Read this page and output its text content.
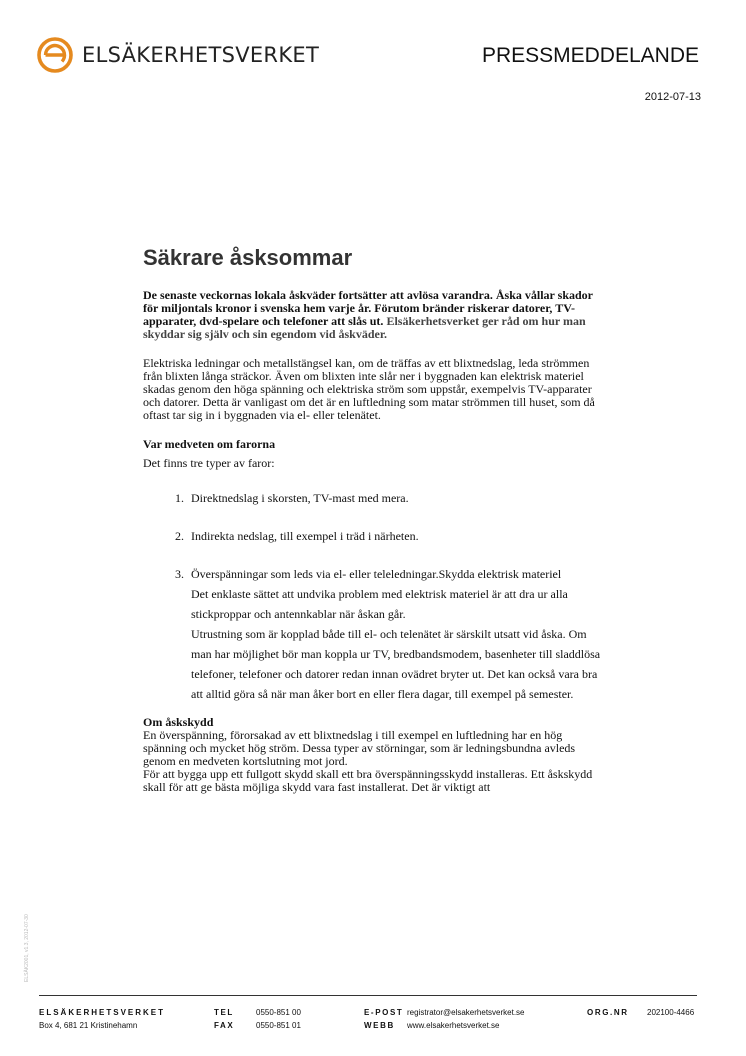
ELSÄKERHETSVERKET	PRESSMEDDELANDE
2012-07-13
Säkrare åsksommar

De senaste veckornas lokala åskväder fortsätter att avlösa varandra. Åska vållar skador för miljontals kronor i svenska hem varje år. Förutom bränder riskerar datorer, TV-apparater, dvd-spelare och telefoner att slås ut. Elsäkerhetsverket ger råd om hur man skyddar sig själv och sin egendom vid åskväder.

Elektriska ledningar och metallstängsel kan, om de träffas av ett blixtnedslag, leda strömmen från blixten långa sträckor. Även om blixten inte slår ner i byggnaden kan elektrisk materiel skadas genom den höga spänning och elektriska ström som uppstår, exempelvis TV-apparater och datorer. Detta är vanligast om det är en luftledning som matar strömmen till huset, som då oftast tar sig in i byggnaden via el- eller telenätet.

Var medveten om farorna

Det finns tre typer av faror:

1. Direktnedslag i skorsten, TV-mast med mera.
2. Indirekta nedslag, till exempel i träd i närheten.
3. Överspänningar som leds via el- eller teleledningar.Skydda elektrisk materiel
Det enklaste sättet att undvika problem med elektrisk materiel är att dra ur alla stickproppar och antennkablar när åskan går.
Utrustning som är kopplad både till el- och telenätet är särskilt utsatt vid åska. Om man har möjlighet bör man koppla ur TV, bredbandsmodem, basenheter till sladdlösa telefoner, telefoner och datorer redan innan ovädret bryter ut. Det kan också vara bra att alltid göra så när man åker bort en eller flera dagar, till exempel på semester.
Om åskskydd

En överspänning, förorsakad av ett blixtnedslag i till exempel en luftledning har en hög spänning och mycket hög ström. Dessa typer av störningar, som är ledningsbundna avleds genom en medveten kortslutning mot jord.

För att bygga upp ett fullgott skydd skall ett bra överspänningsskydd installeras. Ett åskskydd skall för att ge bästa möjliga skydd vara fast installerat. Det är viktigt att

ELSÄK2001, v1.3, 2012-07-30
ELSÄKERHETSVERKET
Box 4, 681 21 Kristinehamn
TEL
FAX
0550-851 00
0550-851 01
E-POST
WEBB
registrator@elsakerhetsverket.se
www.elsakerhetsverket.se
ORG.NR 202100-4466
